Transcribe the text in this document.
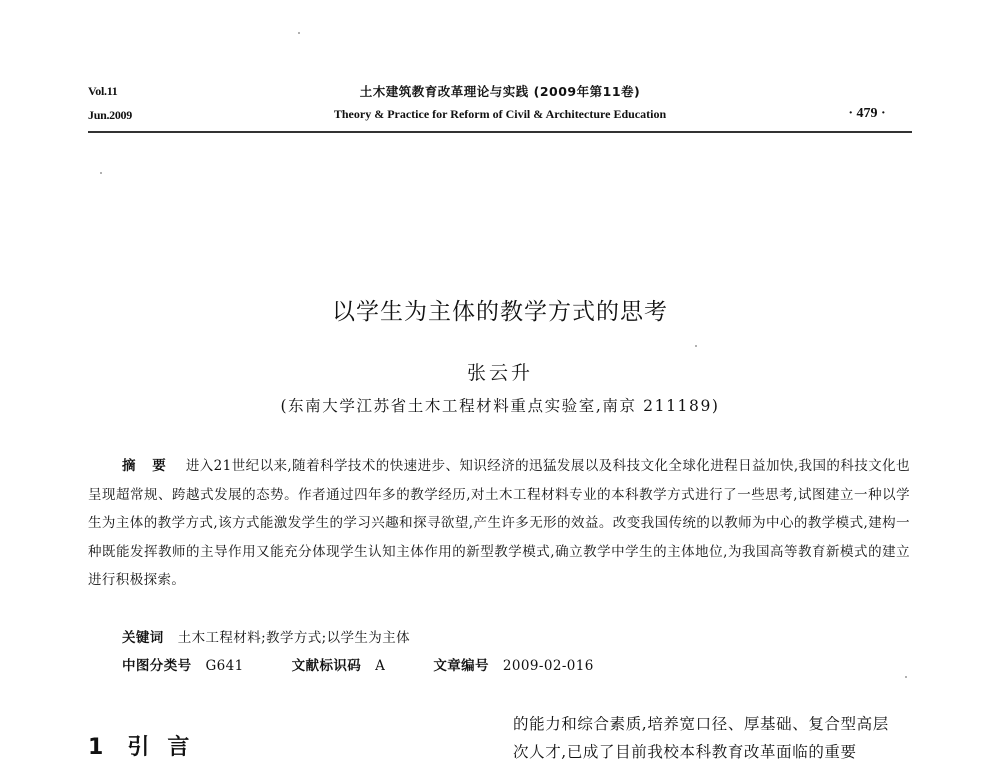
Vol.11
Jun.2009
土木建筑教育改革理论与实践 (2009年第11卷)
Theory & Practice for Reform of Civil & Architecture Education	· 479 ·
以学生为主体的教学方式的思考
张云升
(东南大学江苏省土木工程材料重点实验室,南京 211189)
摘 要 进入21世纪以来,随着科学技术的快速进步、知识经济的迅猛发展以及科技文化全球化进程日益加快,我国的科技文化也呈现超常规、跨越式发展的态势。作者通过四年多的教学经历,对土木工程材料专业的本科教学方式进行了一些思考,试图建立一种以学生为主体的教学方式,该方式能激发学生的学习兴趣和探寻欲望,产生许多无形的效益。改变我国传统的以教师为中心的教学模式,建构一种既能发挥教师的主导作用又能充分体现学生认知主体作用的新型教学模式,确立教学中学生的主体地位,为我国高等教育新模式的建立进行积极探索。
关键词 土木工程材料;教学方式;以学生为主体
中图分类号 G641	文献标识码 A	文章编号 2009-02-016
1 引言
的能力和综合素质,培养宽口径、厚基础、复合型高层
次人才,已成了目前我校本科教育改革面临的重要
